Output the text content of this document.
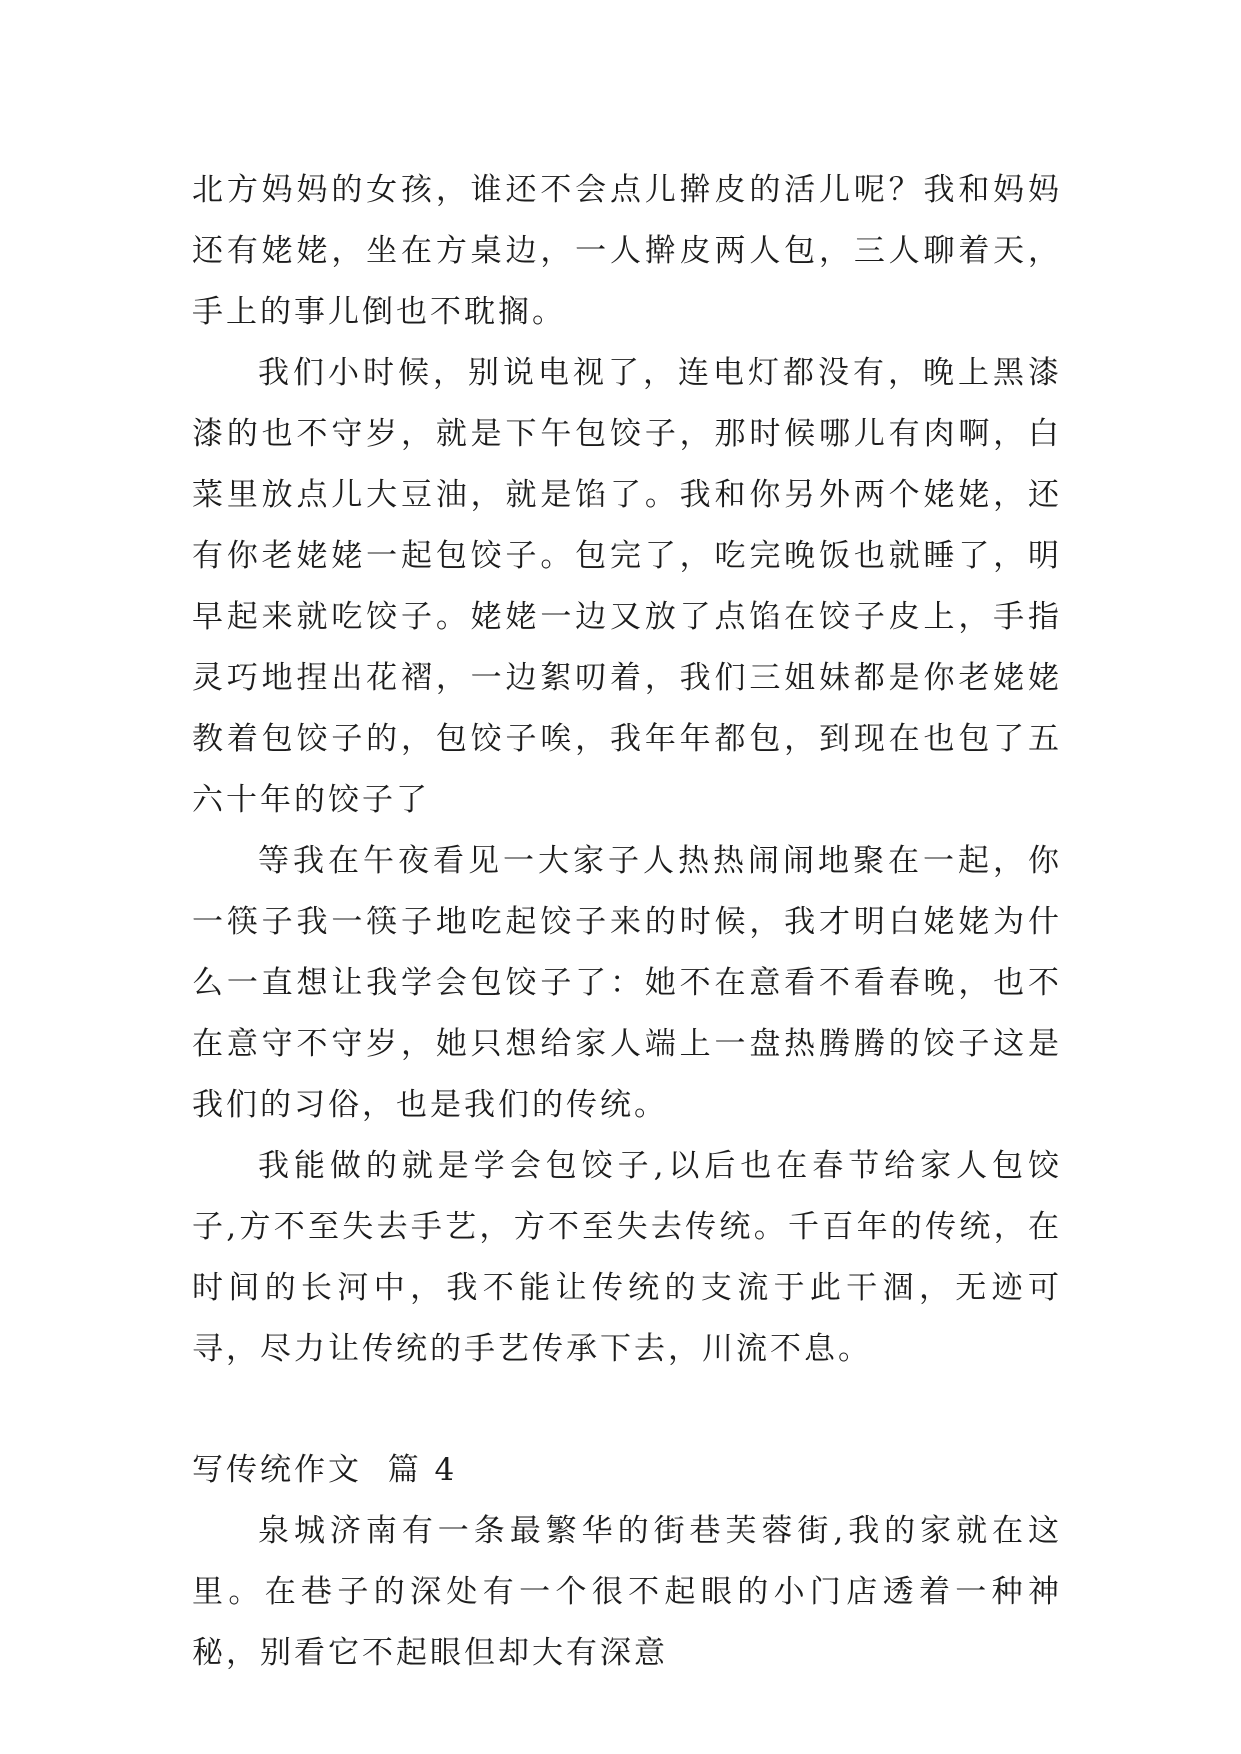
北方妈妈的女孩，谁还不会点儿擀皮的活儿呢？我和妈妈还有姥姥，坐在方桌边，一人擀皮两人包，三人聊着天，手上的事儿倒也不耽搁。

我们小时候，别说电视了，连电灯都没有，晚上黑漆漆的也不守岁，就是下午包饺子，那时候哪儿有肉啊，白菜里放点儿大豆油，就是馅了。我和你另外两个姥姥，还有你老姥姥一起包饺子。包完了，吃完晚饭也就睡了，明早起来就吃饺子。姥姥一边又放了点馅在饺子皮上，手指灵巧地捏出花褶，一边絮叨着，我们三姐妹都是你老姥姥教着包饺子的，包饺子唉，我年年都包，到现在也包了五六十年的饺子了

等我在午夜看见一大家子人热热闹闹地聚在一起，你一筷子我一筷子地吃起饺子来的时候，我才明白姥姥为什么一直想让我学会包饺子了：她不在意看不看春晚，也不在意守不守岁，她只想给家人端上一盘热腾腾的饺子这是我们的习俗，也是我们的传统。

我能做的就是学会包饺子,以后也在春节给家人包饺子,方不至失去手艺，方不至失去传统。千百年的传统，在时间的长河中，我不能让传统的支流于此干涸，无迹可寻，尽力让传统的手艺传承下去，川流不息。

写传统作文  篇 4

泉城济南有一条最繁华的街巷芙蓉街,我的家就在这里。在巷子的深处有一个很不起眼的小门店透着一种神秘，别看它不起眼但却大有深意
